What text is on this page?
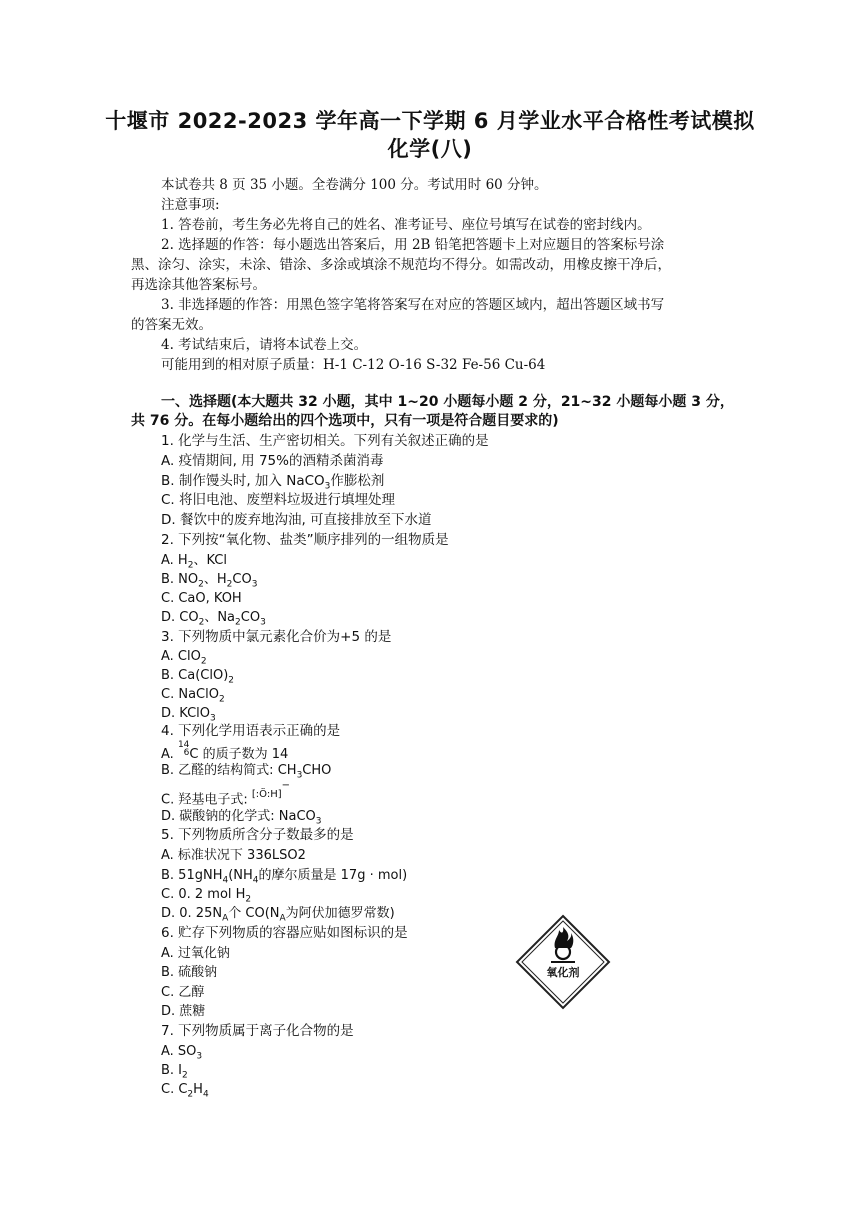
十堰市 2022-2023 学年高一下学期 6 月学业水平合格性考试模拟
化学(八)
本试卷共 8 页 35 小题。全卷满分 100 分。考试用时 60 分钟。
注意事项:
1. 答卷前，考生务必先将自己的姓名、准考证号、座位号填写在试卷的密封线内。
2. 选择题的作答：每小题选出答案后，用 2B 铅笔把答题卡上对应题目的答案标号涂
黑、涂匀、涂实，未涂、错涂、多涂或填涂不规范均不得分。如需改动，用橡皮擦干净后，
再选涂其他答案标号。
3. 非选择题的作答：用黑色签字笔将答案写在对应的答题区域内，超出答题区域书写
的答案无效。
4. 考试结束后，请将本试卷上交。
可能用到的相对原子质量：H-1 C-12 O-16 S-32 Fe-56 Cu-64
一、选择题(本大题共 32 小题，其中 1~20 小题每小题 2 分，21~32 小题每小题 3 分，
共 76 分。在每小题给出的四个选项中，只有一项是符合题目要求的)
1. 化学与生活、生产密切相关。下列有关叙述正确的是
A. 疫情期间, 用 75%的酒精杀菌消毒
B. 制作馒头时, 加入 NaCO$_3$作膨松剂
C. 将旧电池、废塑料垃圾进行填埋处理
D. 餐饮中的废弃地沟油, 可直接排放至下水道
2. 下列按“氧化物、盐类”顺序排列的一组物质是
A. $H_2$、KCl
B. $NO_2$、$H_2CO_3$
C. CaO, KOH
D. $CO_2$、$Na_2CO_3$
3. 下列物质中氯元素化合价为+5 的是
A. ClO$_2$
B. $Ca(ClO)_2$
C. NaClO$_2$
D. KClO$_3$
4. 下列化学用语表示正确的是
A. 14
6C 的质子数为 14
B. 乙醛的结构简式: $CH_3CHO$
C. 羟基电子式: $^{[:Ö:H]-}$
D. 碳酸钠的化学式: NaCO$_3$
5. 下列物质所含分子数最多的是
A. 标准状况下 336LSO2
B. $51gNH_4(NH_4$的摩尔质量是 17g · mol)
C. 0. 2 mol $H_2$
D. 0. $25N_A$个 $CO(N_A$为阿伏加德罗常数)
6. 贮存下列物质的容器应贴如图标识的是
A. 过氧化钠
B. 硫酸钠
C. 乙醇
D. 蔗糖
氧化剂
7. 下列物质属于离子化合物的是
A. $SO_3$
B. $I_2$
C. $C_2H_4$
